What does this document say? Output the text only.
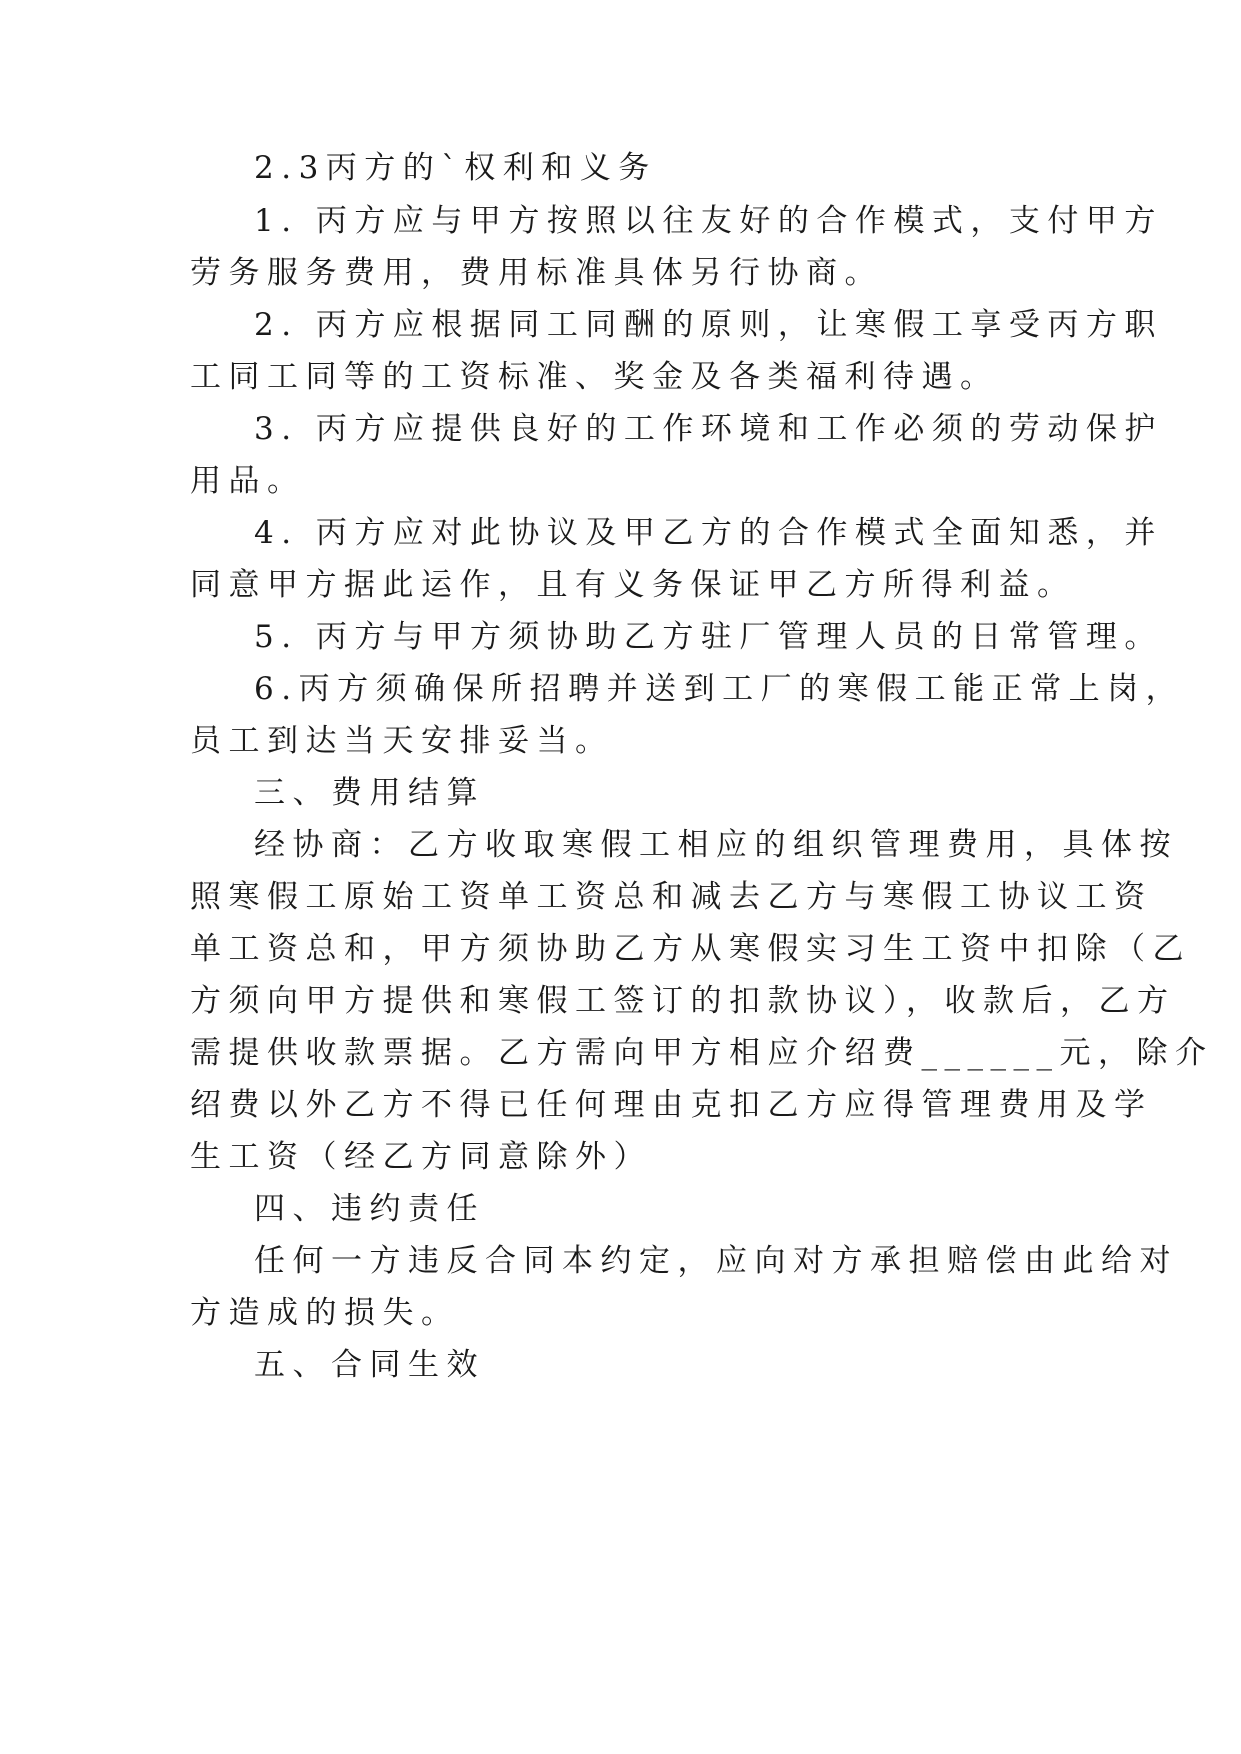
2.3丙方的`权利和义务
1. 丙方应与甲方按照以往友好的合作模式，支付甲方
劳务服务费用，费用标准具体另行协商。
2. 丙方应根据同工同酬的原则，让寒假工享受丙方职
工同工同等的工资标准、奖金及各类福利待遇。
3. 丙方应提供良好的工作环境和工作必须的劳动保护
用品。
4. 丙方应对此协议及甲乙方的合作模式全面知悉，并
同意甲方据此运作，且有义务保证甲乙方所得利益。
5. 丙方与甲方须协助乙方驻厂管理人员的日常管理。
6.丙方须确保所招聘并送到工厂的寒假工能正常上岗，
员工到达当天安排妥当。
三、费用结算
经协商：乙方收取寒假工相应的组织管理费用，具体按
照寒假工原始工资单工资总和减去乙方与寒假工协议工资
单工资总和，甲方须协助乙方从寒假实习生工资中扣除（乙
方须向甲方提供和寒假工签订的扣款协议），收款后，乙方
需提供收款票据。乙方需向甲方相应介绍费______元，除介
绍费以外乙方不得已任何理由克扣乙方应得管理费用及学
生工资（经乙方同意除外）
四、违约责任
任何一方违反合同本约定，应向对方承担赔偿由此给对
方造成的损失。
五、合同生效
